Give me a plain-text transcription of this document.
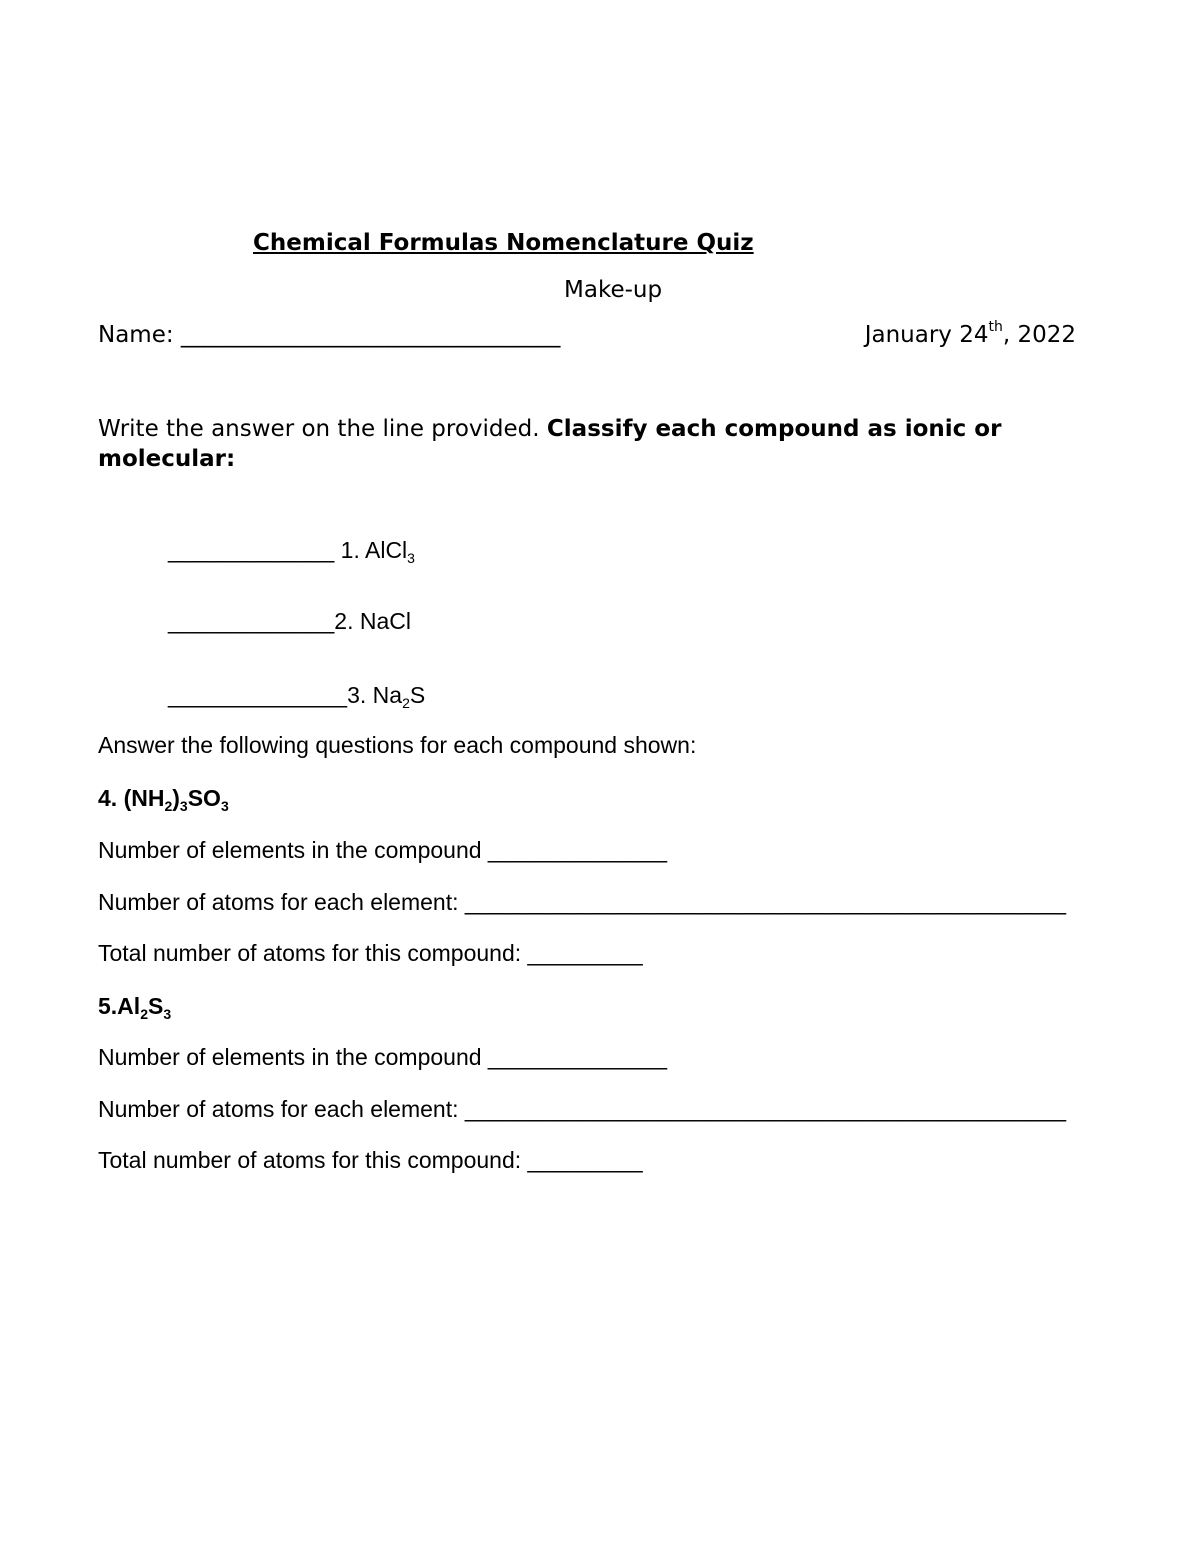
Chemical Formulas Nomenclature Quiz
Make-up
Name: _________________________________	January 24th, 2022
Write the answer on the line provided. Classify each compound as ionic or molecular:
_____________ 1. AlCl$_3$
_____________2. NaCl
______________3. $Na_2S$
Answer the following questions for each compound shown:
4. $(NH_2)_3SO_3$
Number of elements in the compound ______________
Number of atoms for each element: _______________________________________________
Total number of atoms for this compound: _________
$5.Al_2S_3$
Number of elements in the compound ______________
Number of atoms for each element: _______________________________________________
Total number of atoms for this compound: _________
